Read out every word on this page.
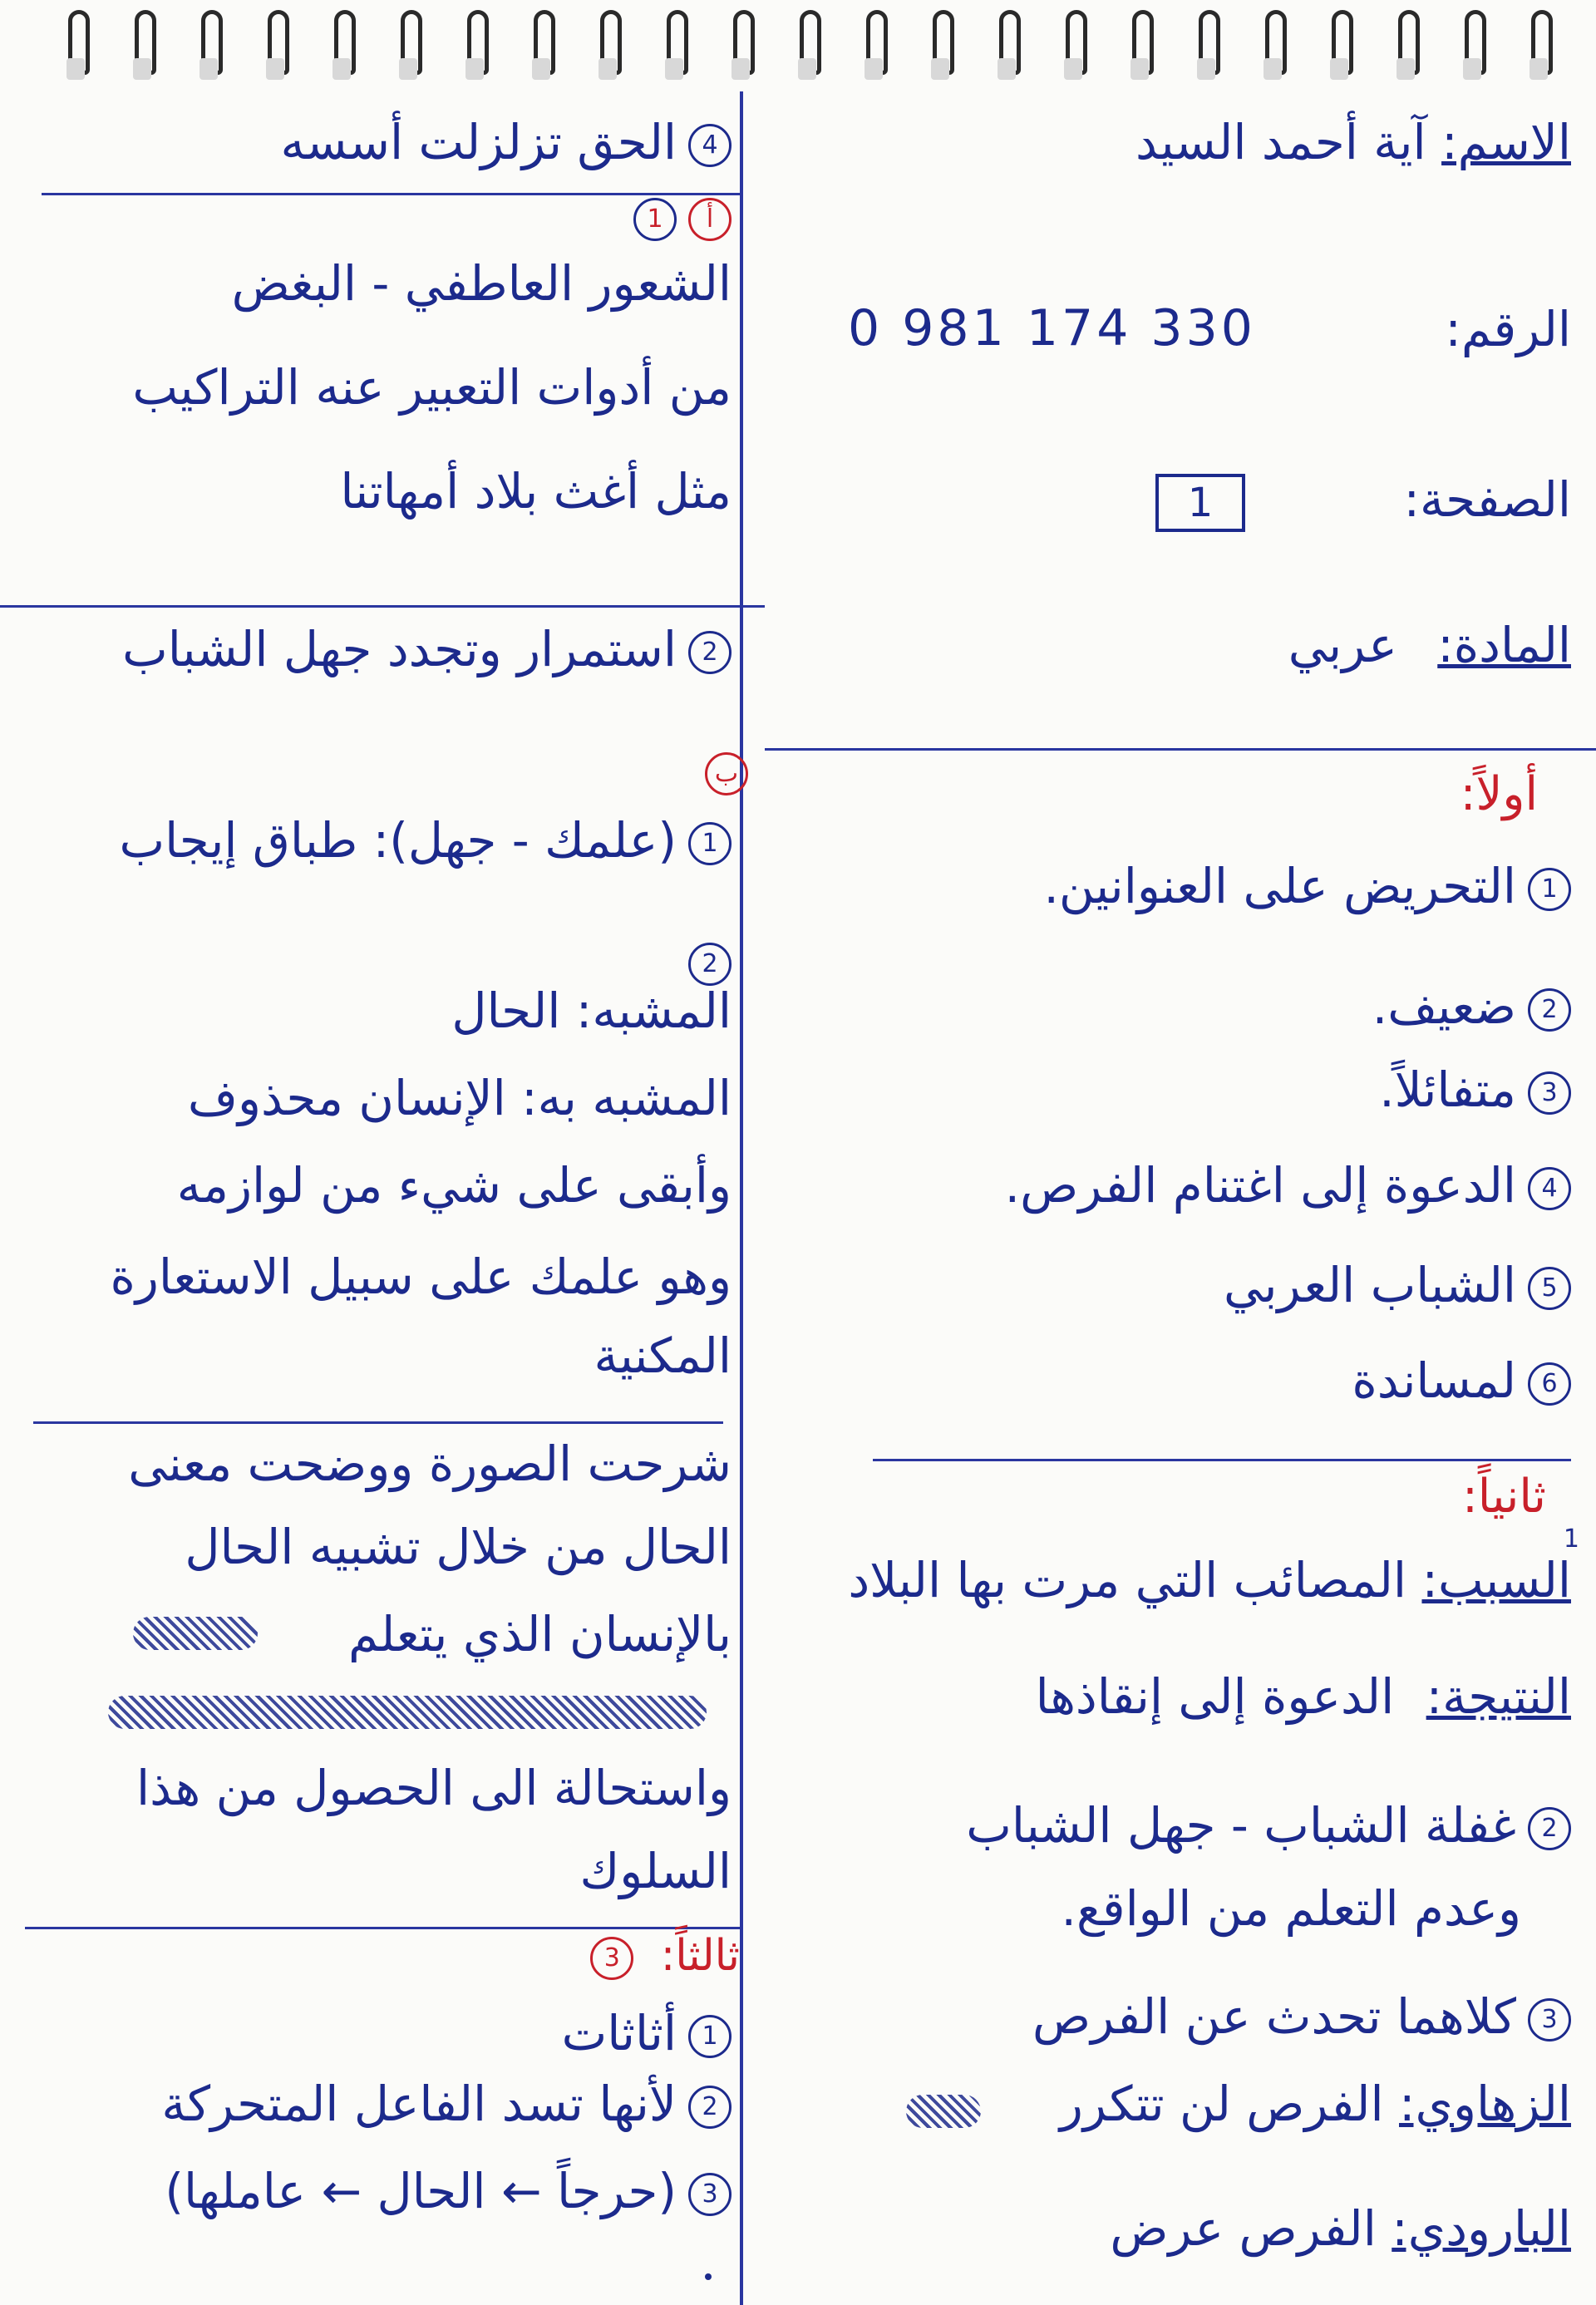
الاسم: آية أحمد السيد
الرقم:
0 981 174 330
الصفحة:
1
المادة: عربي
أولاً:
1التحريض على العنوانين.
2ضعيف.
3متفائلاً.
4الدعوة إلى اغتنام الفرص.
5الشباب العربي
6لمساندة
ثانياً:
1
السبب: المصائب التي مرت بها البلاد
النتيجة: الدعوة إلى إنقاذها
2غفلة الشباب - جهل الشباب
وعدم التعلم من الواقع.
3كلاهما تحدث عن الفرص
الزهاوي: الفرص لن تتكرر
البارودي: الفرص عرض
4الحق تزلزلت أسسه
أ1
الشعور العاطفي - البغض
من أدوات التعبير عنه التراكيب
مثل أغث بلاد أمهاتنا
2استمرار وتجدد جهل الشباب
ب
1(علمك - جهل): طباق إيجاب
2
المشبه: الحال
المشبه به: الإنسان محذوف
وأبقى على شيء من لوازمه
وهو علمك على سبيل الاستعارة
المكنية
شرحت الصورة ووضحت معنى
الحال من خلال تشبيه الحال
بالإنسان الذي يتعلم
واستحالة الى الحصول من هذا
السلوك
ثالثاً: 3
1أثاثات
2لأنها تسد الفاعل المتحركة
3(حرجاً ← الحال ← عاملها)
